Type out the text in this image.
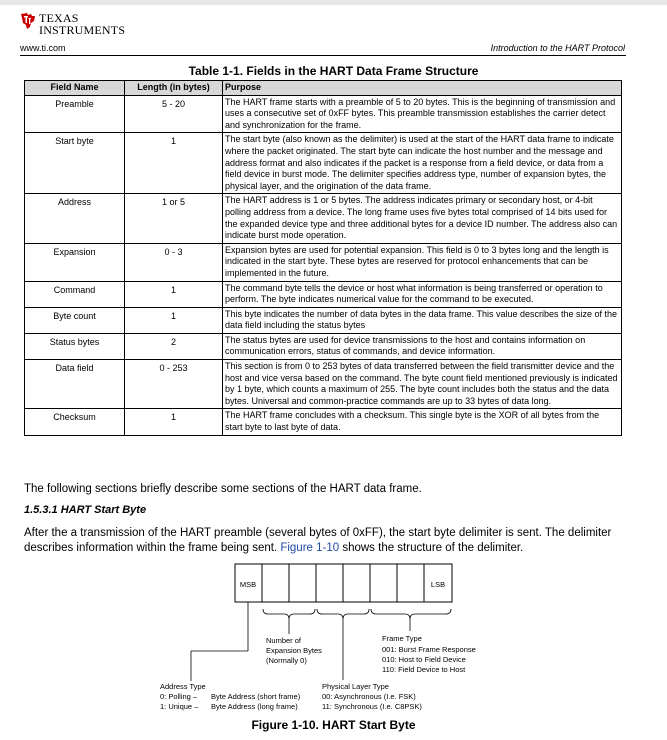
TEXAS
INSTRUMENTS
www.ti.com	Introduction to the HART Protocol
Table 1-1. Fields in the HART Data Frame Structure
Field Name	Length (in bytes)	Purpose
Preamble	5 - 20	The HART frame starts with a preamble of 5 to 20 bytes. This is the beginning of transmission and uses a consecutive set of 0xFF bytes. This preamble transmission establishes the carrier detect and synchronization for the frame.
Start byte	1	The start byte (also known as the delimiter) is used at the start of the HART data frame to indicate where the packet originated. The start byte can indicate the host number and the message and address format and also indicates if the packet is a response from a field device, or data from a field device in burst mode. The delimiter specifies address type, number of expansion bytes, the physical layer, and the origination of the data frame.
Address	1 or 5	The HART address is 1 or 5 bytes. The address indicates primary or secondary host, or 4-bit polling address from a device. The long frame uses five bytes total comprised of 14 bits used for the expanded device type and three additional bytes for a device ID number. The address also can indicate burst mode operation.
Expansion	0 - 3	Expansion bytes are used for potential expansion. This field is 0 to 3 bytes long and the length is indicated in the start byte. These bytes are reserved for protocol enhancements that can be implemented in the future.
Command	1	The command byte tells the device or host what information is being transferred or operation to perform. The byte indicates numerical value for the command to be executed.
Byte count	1	This byte indicates the number of data bytes in the data frame. This value describes the size of the data field including the status bytes
Status bytes	2	The status bytes are used for device transmissions to the host and contains information on communication errors, status of commands, and device information.
Data field	0 - 253	This section is from 0 to 253 bytes of data transferred between the field transmitter device and the host and vice versa based on the command. The byte count field mentioned previously is indicated by 1 byte, which counts a maximum of 255. The byte count includes both the status and the data bytes. Universal and common-practice commands are up to 33 bytes of data long.
Checksum	1	The HART frame concludes with a checksum. This single byte is the XOR of all bytes from the start byte to last byte of data.
The following sections briefly describe some sections of the HART data frame.
1.5.3.1 HART Start Byte
After the a transmission of the HART preamble (several bytes of 0xFF), the start byte delimiter is sent. The delimiter describes information within the frame being sent. Figure 1-10 shows the structure of the delimiter.
MSB	LSB
Number of
Expansion Bytes
(Normally 0)
Frame Type
001: Burst Frame Response
010: Host to Field Device
110: Field Device to Host
Address Type
0: Polling – Byte Address (short frame)
1: Unique – Byte Address (long frame)
Physical Layer Type
00: Asynchronous (I.e. FSK)
11: Synchronous (I.e. C8PSK)
Figure 1-10. HART Start Byte
